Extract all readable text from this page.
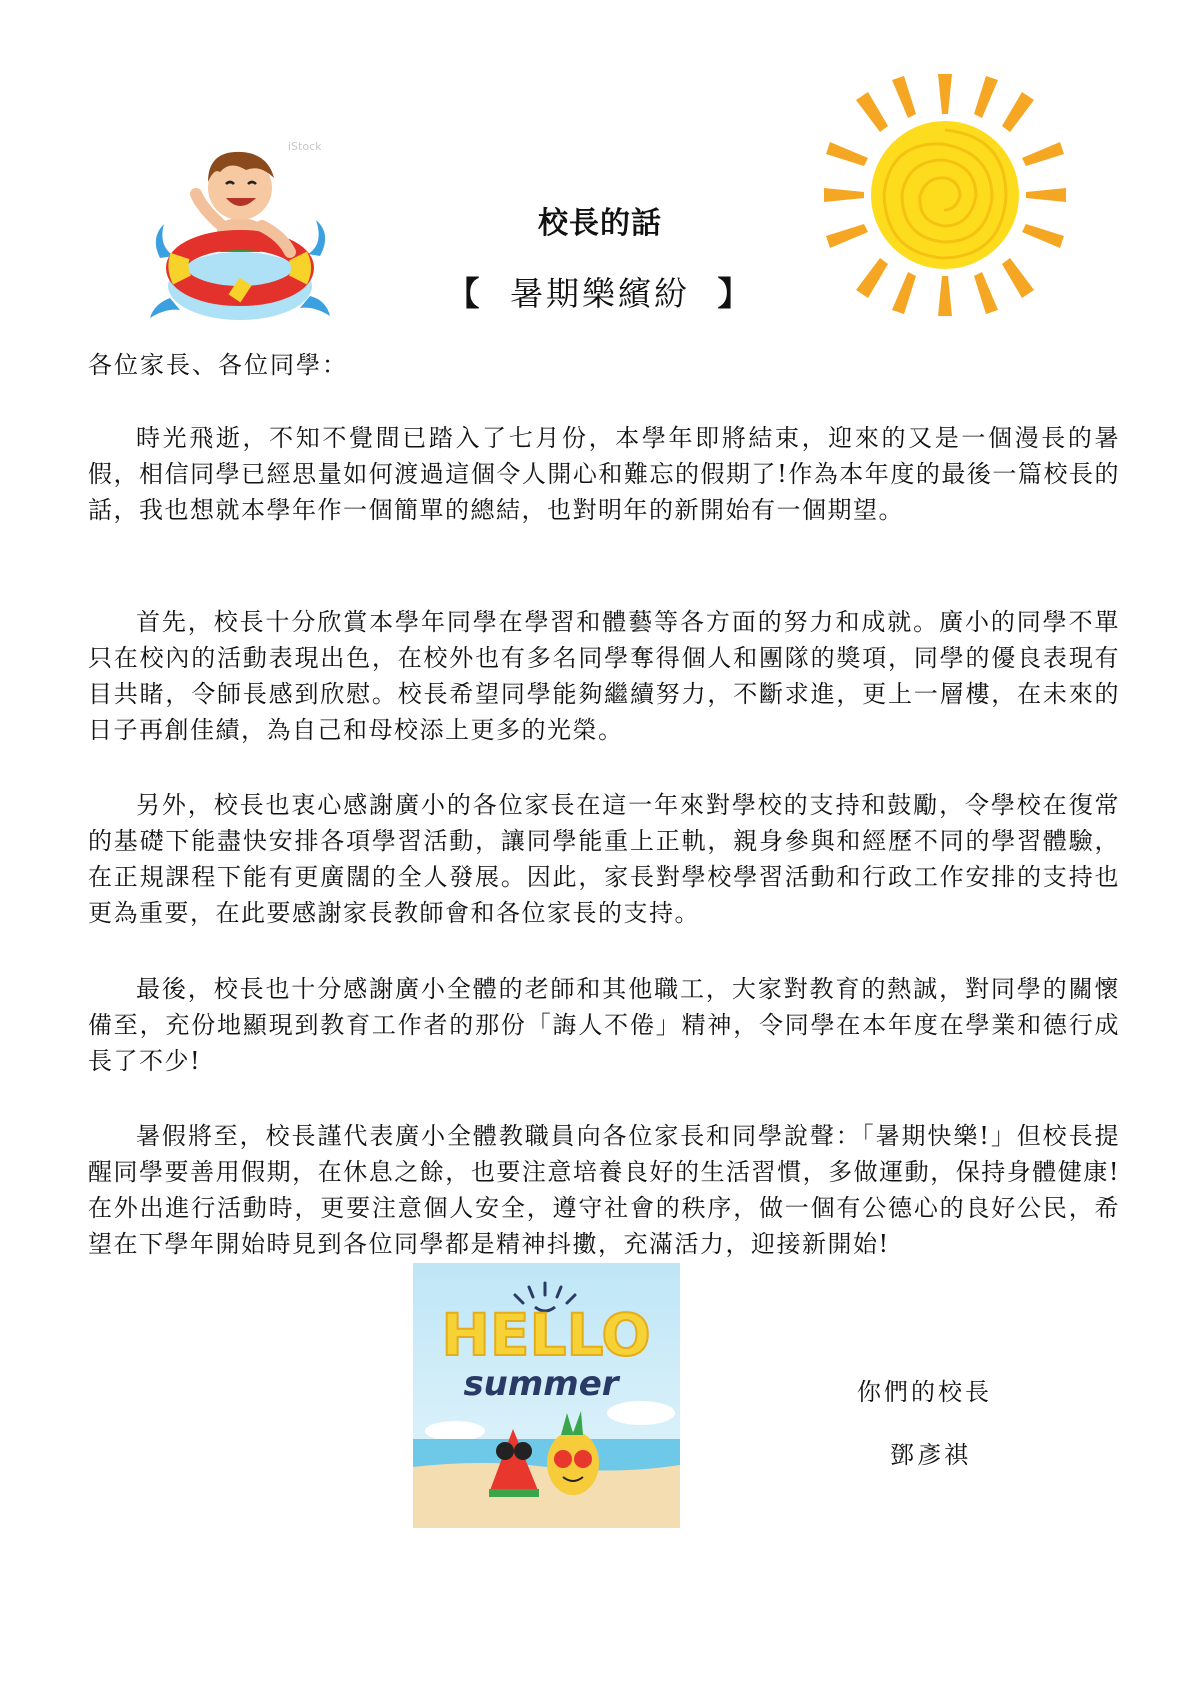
iStock
校長的話
【 暑期樂繽紛 】
各位家長、各位同學：

時光飛逝，不知不覺間已踏入了七月份，本學年即將結束，迎來的又是一個漫長的暑假，相信同學已經思量如何渡過這個令人開心和難忘的假期了!作為本年度的最後一篇校長的話，我也想就本學年作一個簡單的總結，也對明年的新開始有一個期望。

首先，校長十分欣賞本學年同學在學習和體藝等各方面的努力和成就。廣小的同學不單只在校內的活動表現出色，在校外也有多名同學奪得個人和團隊的獎項，同學的優良表現有目共睹，令師長感到欣慰。校長希望同學能夠繼續努力，不斷求進，更上一層樓，在未來的日子再創佳績，為自己和母校添上更多的光榮。

另外，校長也衷心感謝廣小的各位家長在這一年來對學校的支持和鼓勵，令學校在復常的基礎下能盡快安排各項學習活動，讓同學能重上正軌，親身參與和經歷不同的學習體驗，在正規課程下能有更廣闊的全人發展。因此，家長對學校學習活動和行政工作安排的支持也更為重要，在此要感謝家長教師會和各位家長的支持。

最後，校長也十分感謝廣小全體的老師和其他職工，大家對教育的熱誠，對同學的關懷備至，充份地顯現到教育工作者的那份「誨人不倦」精神，令同學在本年度在學業和德行成長了不少!

暑假將至，校長謹代表廣小全體教職員向各位家長和同學說聲：「暑期快樂!」但校長提醒同學要善用假期，在休息之餘，也要注意培養良好的生活習慣，多做運動，保持身體健康!在外出進行活動時，更要注意個人安全，遵守社會的秩序，做一個有公德心的良好公民，希望在下學年開始時見到各位同學都是精神抖擻，充滿活力，迎接新開始!

HELLO
summer	你們的校長
鄧彥祺
